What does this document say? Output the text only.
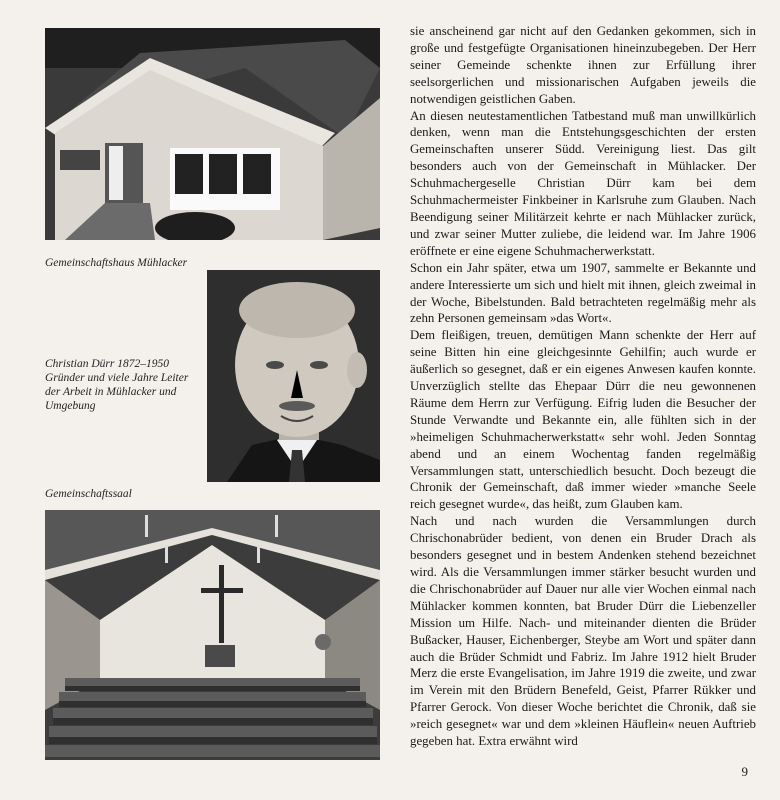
Gemeinschaftshaus Mühlacker
Christian Dürr 1872–1950 Gründer und viele Jahre Leiter der Arbeit in Mühlacker und Umgebung
Gemeinschaftssaal

sie anscheinend gar nicht auf den Gedanken gekommen, sich in große und festgefügte Organisationen hineinzubegeben. Der Herr seiner Gemeinde schenkte ihnen zur Erfüllung ihrer seelsorgerlichen und missionarischen Aufgaben jeweils die notwendigen geistlichen Gaben.

An diesen neutestamentlichen Tatbestand muß man unwillkürlich denken, wenn man die Entstehungsgeschichten der ersten Gemeinschaften unserer Südd. Vereinigung liest. Das gilt besonders auch von der Gemeinschaft in Mühlacker. Der Schuhmachergeselle Christian Dürr kam bei dem Schuhmachermeister Finkbeiner in Karlsruhe zum Glauben. Nach Beendigung seiner Militärzeit kehrte er nach Mühlacker zurück, und zwar seiner Mutter zuliebe, die leidend war. Im Jahre 1906 eröffnete er eine eigene Schuhmacherwerkstatt.

Schon ein Jahr später, etwa um 1907, sammelte er Bekannte und andere Interessierte um sich und hielt mit ihnen, gleich zweimal in der Woche, Bibelstunden. Bald betrachteten regelmäßig mehr als zehn Personen gemeinsam »das Wort«.

Dem fleißigen, treuen, demütigen Mann schenkte der Herr auf seine Bitten hin eine gleichgesinnte Gehilfin; auch wurde er äußerlich so gesegnet, daß er ein eigenes Anwesen kaufen konnte. Unverzüglich stellte das Ehepaar Dürr die neu gewonnenen Räume dem Herrn zur Verfügung. Eifrig luden die Besucher der Stunde Verwandte und Bekannte ein, alle fühlten sich in der »heimeligen Schuhmacherwerkstatt« sehr wohl. Jeden Sonntag abend und an einem Wochentag fanden regelmäßig Versammlungen statt, unterschiedlich besucht. Doch bezeugt die Chronik der Gemeinschaft, daß immer wieder »manche Seele reich gesegnet wurde«, das heißt, zum Glauben kam.

Nach und nach wurden die Versammlungen durch Chrischonabrüder bedient, von denen ein Bruder Drach als besonders gesegnet und in bestem Andenken stehend bezeichnet wird. Als die Versammlungen immer stärker besucht wurden und die Chrischonabrüder auf Dauer nur alle vier Wochen einmal nach Mühlacker kommen konnten, bat Bruder Dürr die Liebenzeller Mission um Hilfe. Nach- und miteinander dienten die Brüder Bußacker, Hauser, Eichenberger, Steybe am Wort und später dann auch die Brüder Schmidt und Fabriz. Im Jahre 1912 hielt Bruder Merz die erste Evangelisation, im Jahre 1919 die zweite, und zwar im Verein mit den Brüdern Benefeld, Geist, Pfarrer Rükker und Pfarrer Gerock. Von dieser Woche berichtet die Chronik, daß sie »reich gesegnet« war und dem »kleinen Häuflein« neuen Auftrieb gegeben hat. Extra erwähnt wird

9
